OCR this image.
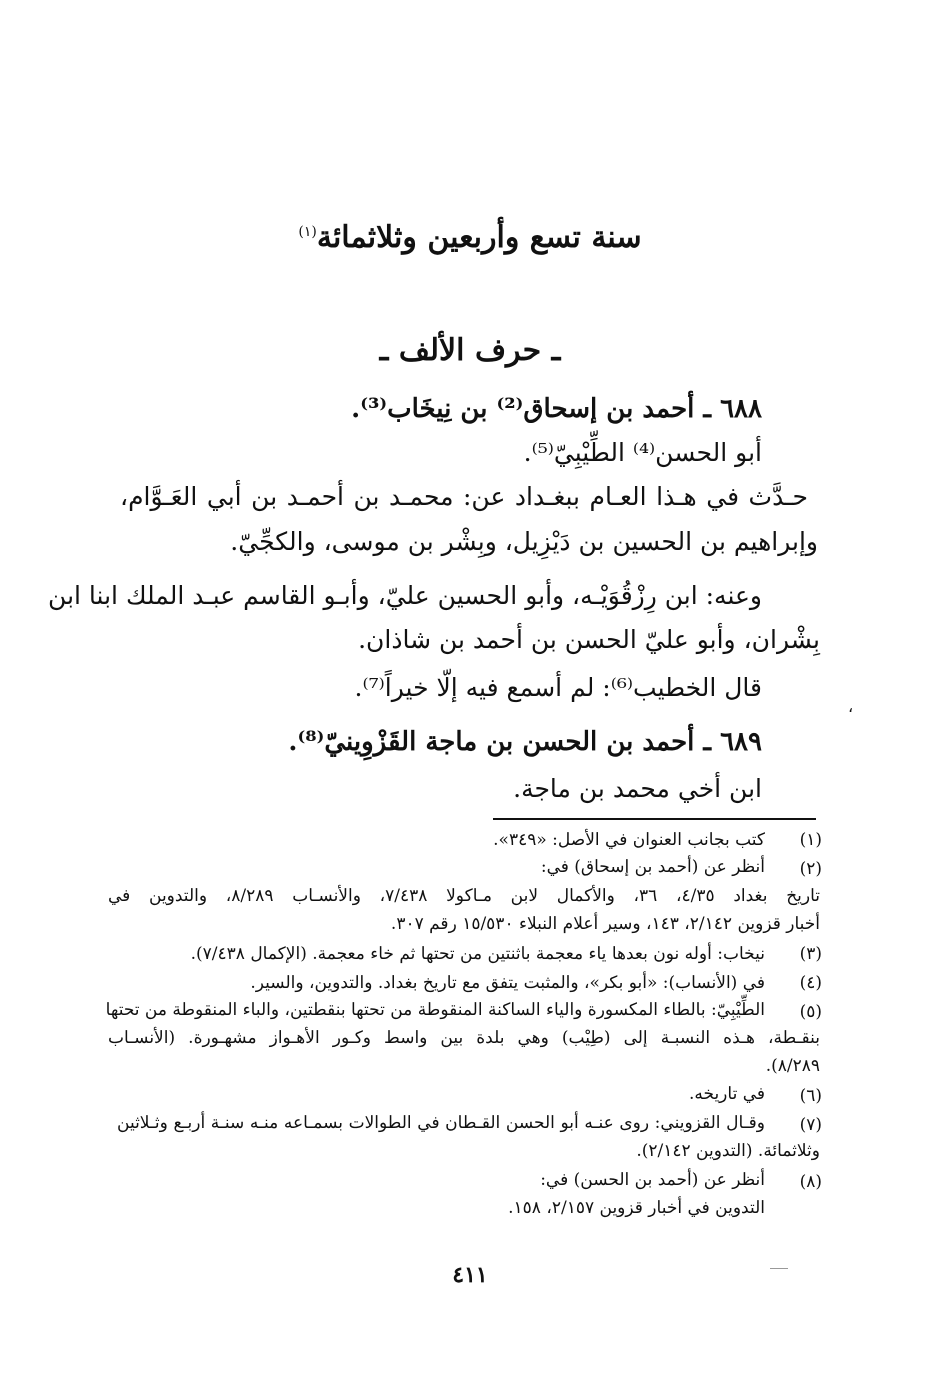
سنة تسع وأربعين وثلاثمائة$^{(١)}$
ـ حرف الألف ـ
٦٨٨ ـ أحمد بن إسحاق⁽²⁾ بن نِيخَاب⁽³⁾.
أبو الحسن⁽⁴⁾ الطِّيْبِيّ⁽⁵⁾.
حـدَّث في هـذا العـام ببغـداد عن: محمـد بن أحمـد بن أبي العَـوَّام،
وإبراهيم بن الحسين بن دَيْزِيل، وبِشْر بن موسى، والكجِّيّ.
وعنه: ابن رِزْقُوَيْـه، وأبو الحسين عليّ، وأبـو القاسم عبـد الملك ابنا ابن
بِشْران، وأبو عليّ الحسن بن أحمد بن شاذان.
قال الخطيب⁽⁶⁾: لم أسمع فيه إلّا خيراً⁽⁷⁾.
،
٦٨٩ ـ أحمد بن الحسن بن ماجة القَزْوِينيّ⁽⁸⁾.
ابن أخي محمد بن ماجة.
(١)
كتب بجانب العنوان في الأصل: «٣٤٩».
(٢)
أنظر عن (أحمد بن إسحاق) في:
تاريخ بغداد ٤/٣٥، ٣٦، والأكمال لابن مـاكولا ٧/٤٣٨، والأنسـاب ٨/٢٨٩، والتدوين في
أخبار قزوين ٢/١٤٢، ١٤٣، وسير أعلام النبلاء ١٥/٥٣٠ رقم ٣٠٧.
(٣)
نيخاب: أوله نون بعدها ياء معجمة باثنتين من تحتها ثم خاء معجمة. (الإكمال ٧/٤٣٨).
(٤)
في (الأنساب): «أبو بكر»، والمثبت يتفق مع تاريخ بغداد. والتدوين، والسير.
(٥)
الطِّيْبِيّ: بالطاء المكسورة والياء الساكنة المنقوطة من تحتها بنقطتين، والباء المنقوطة من تحتها
بنقـطة، هـذه النسبـة إلى (طِيْب) وهي بلدة بين واسط وكـور الأهـواز مشهـورة. (الأنسـاب
٨/٢٨٩).
(٦)
في تاريخه.
(٧)
وقـال القزويني: روى عنـه أبو الحسن القـطان في الطوالات بسمـاعه منـه سنـة أربـع وثـلاثين
وثلاثمائة. (التدوين ٢/١٤٢).
(٨)
أنظر عن (أحمد بن الحسن) في:
التدوين في أخبار قزوين ٢/١٥٧، ١٥٨.
٤١١
